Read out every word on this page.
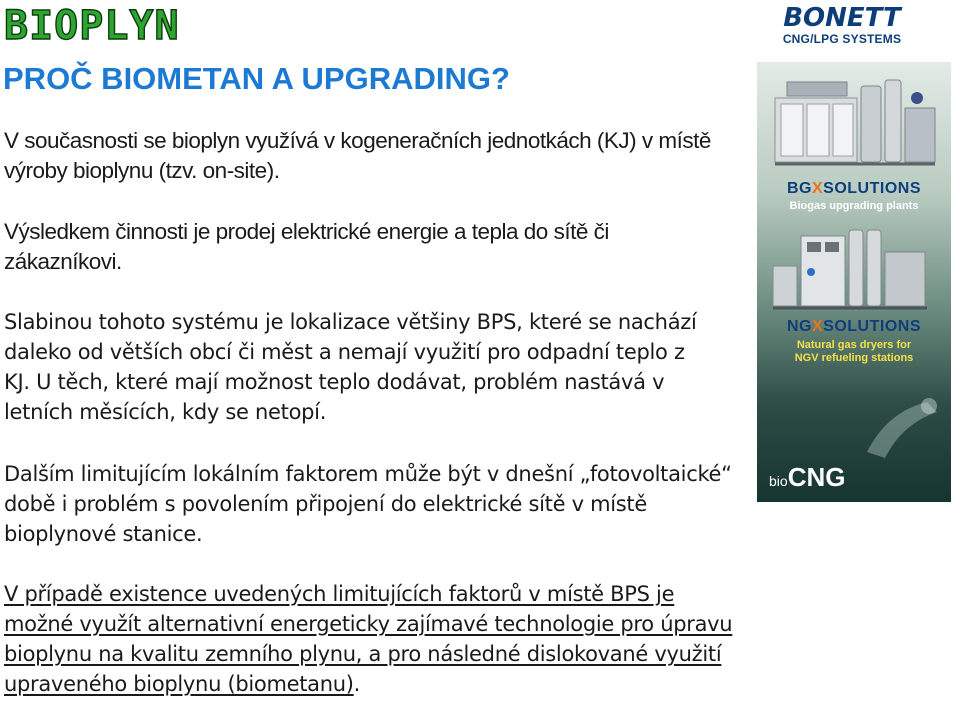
BIOPLYN
PROČ BIOMETAN A UPGRADING?

V současnosti se bioplyn využívá v kogeneračních jednotkách (KJ) v místě výroby bioplynu (tzv. on-site).

Výsledkem činnosti je prodej elektrické energie a tepla do sítě či zákazníkovi.

Slabinou tohoto systému je lokalizace většiny BPS, které se nachází daleko od větších obcí či měst a nemají využití pro odpadní teplo z KJ. U těch, které mají možnost teplo dodávat, problém nastává v letních měsících, kdy se netopí.

Dalším limitujícím lokálním faktorem může být v dnešní „fotovoltaické“ době i problém s povolením připojení do elektrické sítě v místě bioplynové stanice.

V případě existence uvedených limitujících faktorů v místě BPS je možné využít alternativní energeticky zajímavé technologie pro úpravu bioplynu na kvalitu zemního plynu, a pro následné dislokované využití upraveného bioplynu (biometanu).

BONETT
CNG/LPG SYSTEMS
BGXSOLUTIONS
Biogas upgrading plants
NGXSOLUTIONS
Natural gas dryers for
NGV refueling stations
bioCNG
